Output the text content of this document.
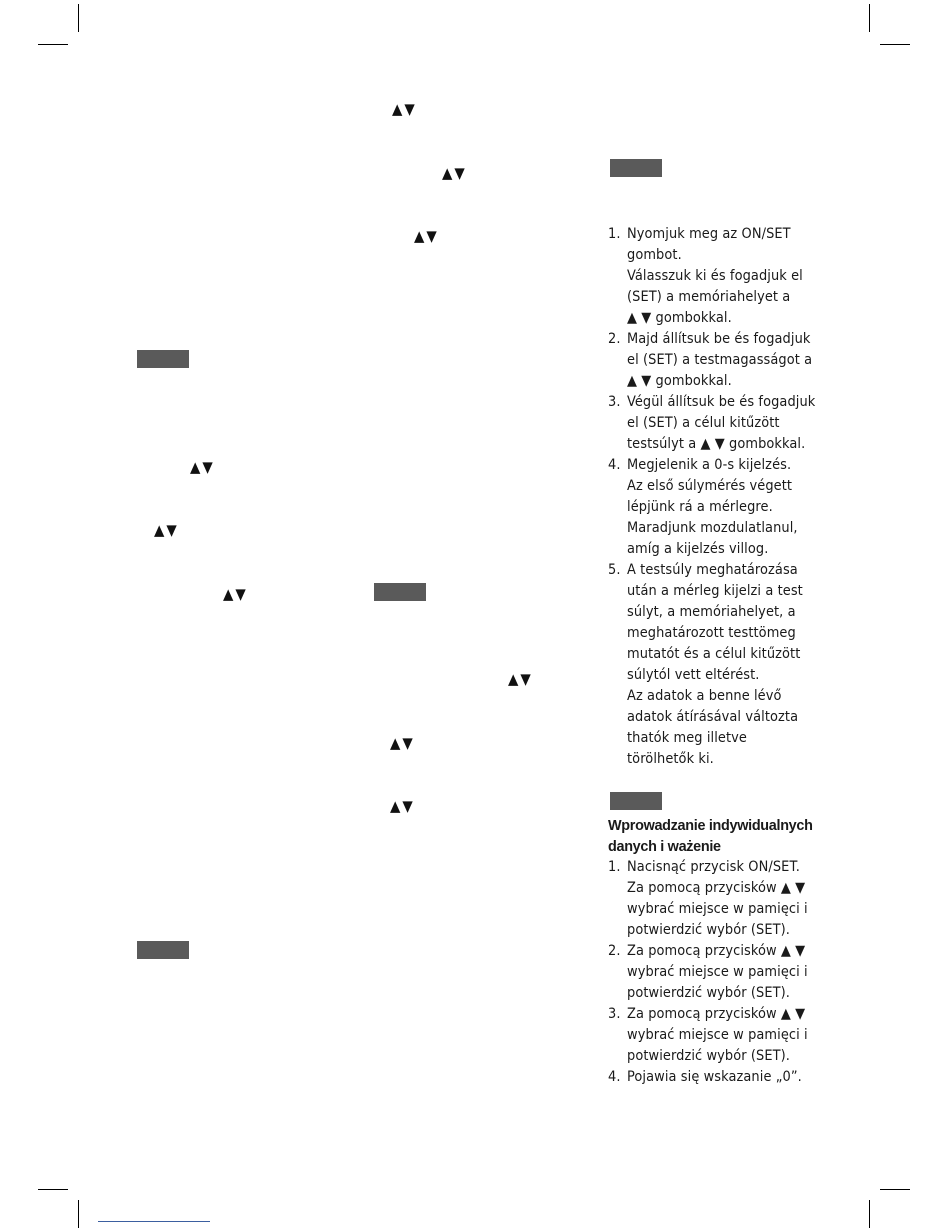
▲▼
▲▼
▲▼
▲▼
▲▼
▲▼
▲▼
▲▼
▲▼
1. Nyomjuk meg az ON/SET
gombot.
Válasszuk ki és fogadjuk el
(SET) a memóriahelyet a
▲ ▼ gombokkal.
2. Majd állítsuk be és fogadjuk
el (SET) a testmagasságot a
▲ ▼ gombokkal.
3. Végül állítsuk be és fogadjuk
el (SET) a célul kitűzött
testsúlyt a ▲ ▼ gombokkal.
4. Megjelenik a 0-s kijelzés.
Az első súlymérés végett
lépjünk rá a mérlegre.
Maradjunk mozdulatlanul,
amíg a kijelzés villog.
5. A testsúly meghatározása
után a mérleg kijelzi a test
súlyt, a memóriahelyet, a
meghatározott testtömeg
mutatót és a célul kitűzött
súlytól vett eltérést.
Az adatok a benne lévő
adatok átírásával változta
thatók meg illetve
törölhetők ki.
Wprowadzanie indywidualnych
danych i ważenie
1. Nacisnąć przycisk ON/SET.
Za pomocą przycisków ▲ ▼
wybrać miejsce w pamięci i
potwierdzić wybór (SET).
2. Za pomocą przycisków ▲ ▼
wybrać miejsce w pamięci i
potwierdzić wybór (SET).
3. Za pomocą przycisków ▲ ▼
wybrać miejsce w pamięci i
potwierdzić wybór (SET).
4. Pojawia się wskazanie „0”.
